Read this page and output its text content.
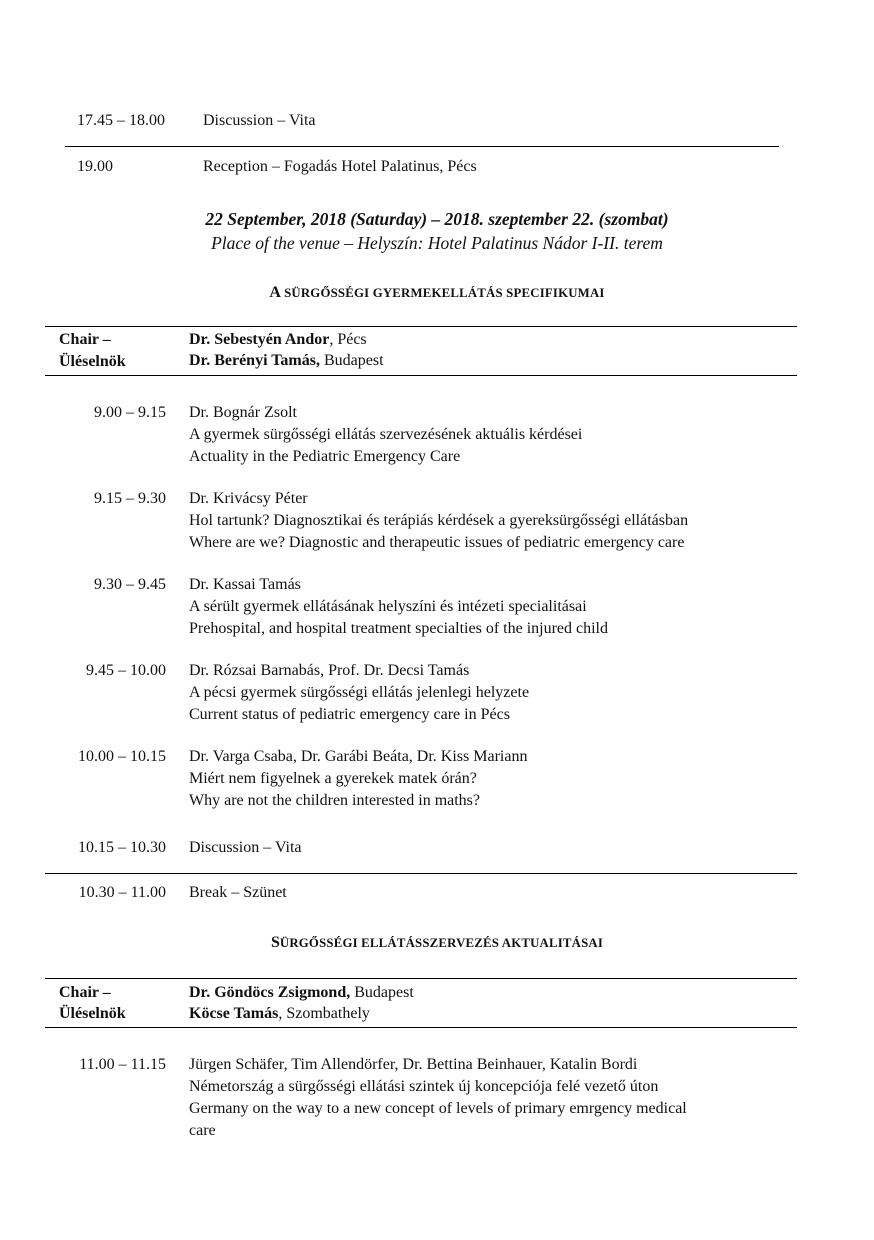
17.45 – 18.00 Discussion – Vita
19.00	Reception – Fogadás Hotel Palatinus, Pécs
22 September, 2018 (Saturday) – 2018. szeptember 22. (szombat)
Place of the venue – Helyszín: Hotel Palatinus Nádor I-II. terem
A SÜRGŐSSÉGI GYERMEKELLÁTÁS SPECIFIKUMAI
Chair –
Üléselnök
Dr. Sebestyén Andor, Pécs
Dr. Berényi Tamás, Budapest
9.00 – 9.15 Dr. Bognár Zsolt
A gyermek sürgősségi ellátás szervezésének aktuális kérdései
Actuality in the Pediatric Emergency Care
9.15 – 9.30 Dr. Krivácsy Péter
Hol tartunk? Diagnosztikai és terápiás kérdések a gyereksürgősségi ellátásban
Where are we? Diagnostic and therapeutic issues of pediatric emergency care
9.30 – 9.45 Dr. Kassai Tamás
A sérült gyermek ellátásának helyszíni és intézeti specialitásai
Prehospital, and hospital treatment specialties of the injured child
9.45 – 10.00 Dr. Rózsai Barnabás, Prof. Dr. Decsi Tamás
A pécsi gyermek sürgősségi ellátás jelenlegi helyzete
Current status of pediatric emergency care in Pécs
10.00 – 10.15 Dr. Varga Csaba, Dr. Garábi Beáta, Dr. Kiss Mariann
Miért nem figyelnek a gyerekek matek órán?
Why are not the children interested in maths?
10.15 – 10.30 Discussion – Vita
10.30 – 11.00 Break – Szünet
SÜRGŐSSÉGI ELLÁTÁSSZERVEZÉS AKTUALITÁSAI
Chair –
Üléselnök
Dr. Göndöcs Zsigmond, Budapest
Köcse Tamás, Szombathely
11.00 – 11.15 Jürgen Schäfer, Tim Allendörfer, Dr. Bettina Beinhauer, Katalin Bordi
Németország a sürgősségi ellátási szintek új koncepciója felé vezető úton
Germany on the way to a new concept of levels of primary emrgency medical
care
